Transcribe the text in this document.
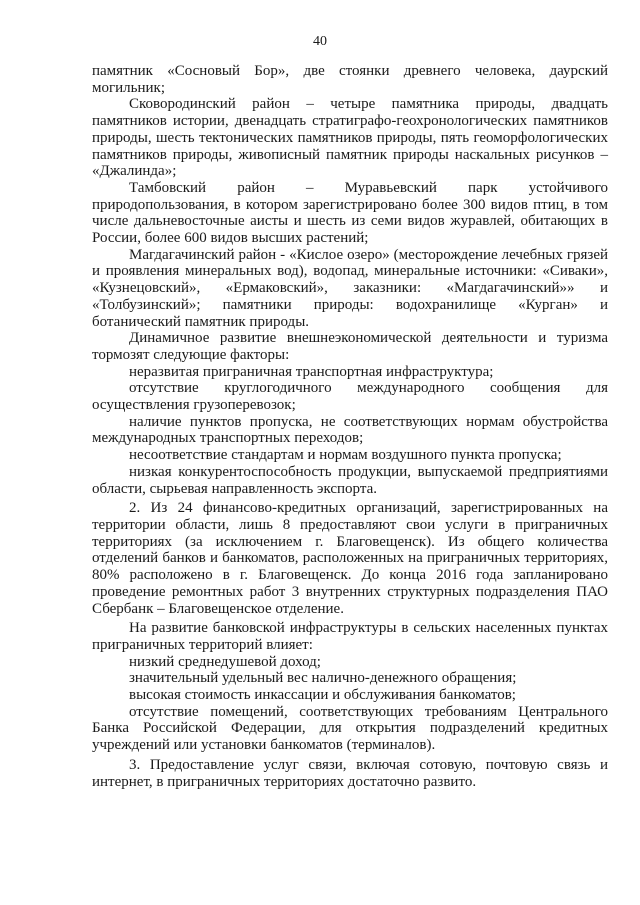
40

памятник «Сосновый Бор», две стоянки древнего человека, даурский могильник;

Сковородинский район – четыре памятника природы, двадцать памятников истории, двенадцать стратиграфо-геохронологических памятников природы, шесть тектонических памятников природы, пять геоморфологических памятников природы, живописный памятник природы наскальных рисунков – «Джалинда»;

Тамбовский район – Муравьевский парк устойчивого природопользования, в котором зарегистрировано более 300 видов птиц, в том числе дальневосточные аисты и шесть из семи видов журавлей, обитающих в России, более 600 видов высших растений;

Магдагачинский район - «Кислое озеро» (месторождение лечебных грязей и проявления минеральных вод), водопад, минеральные источники: «Сиваки», «Кузнецовский», «Ермаковский», заказники: «Магдагачинский»» и «Толбузинский»; памятники природы: водохранилище «Курган» и ботанический памятник природы.

Динамичное развитие внешнеэкономической деятельности и туризма тормозят следующие факторы:

неразвитая приграничная транспортная инфраструктура;

отсутствие круглогодичного международного сообщения для осуществления грузоперевозок;

наличие пунктов пропуска, не соответствующих нормам обустройства международных транспортных переходов;

несоответствие стандартам и нормам воздушного пункта пропуска;

низкая конкурентоспособность продукции, выпускаемой предприятиями области, сырьевая направленность экспорта.

2. Из 24 финансово-кредитных организаций, зарегистрированных на территории области, лишь 8 предоставляют свои услуги в приграничных территориях (за исключением г. Благовещенск). Из общего количества отделений банков и банкоматов, расположенных на приграничных территориях, 80% расположено в г. Благовещенск. До конца 2016 года запланировано проведение ремонтных работ 3 внутренних структурных подразделения ПАО Сбербанк – Благовещенское отделение.

На развитие банковской инфраструктуры в сельских населенных пунктах приграничных территорий влияет:

низкий среднедушевой доход;

значительный удельный вес налично-денежного обращения;

высокая стоимость инкассации и обслуживания банкоматов;

отсутствие помещений, соответствующих требованиям Центрального Банка Российской Федерации, для открытия подразделений кредитных учреждений или установки банкоматов (терминалов).

3. Предоставление услуг связи, включая сотовую, почтовую связь и интернет, в приграничных территориях достаточно развито.
